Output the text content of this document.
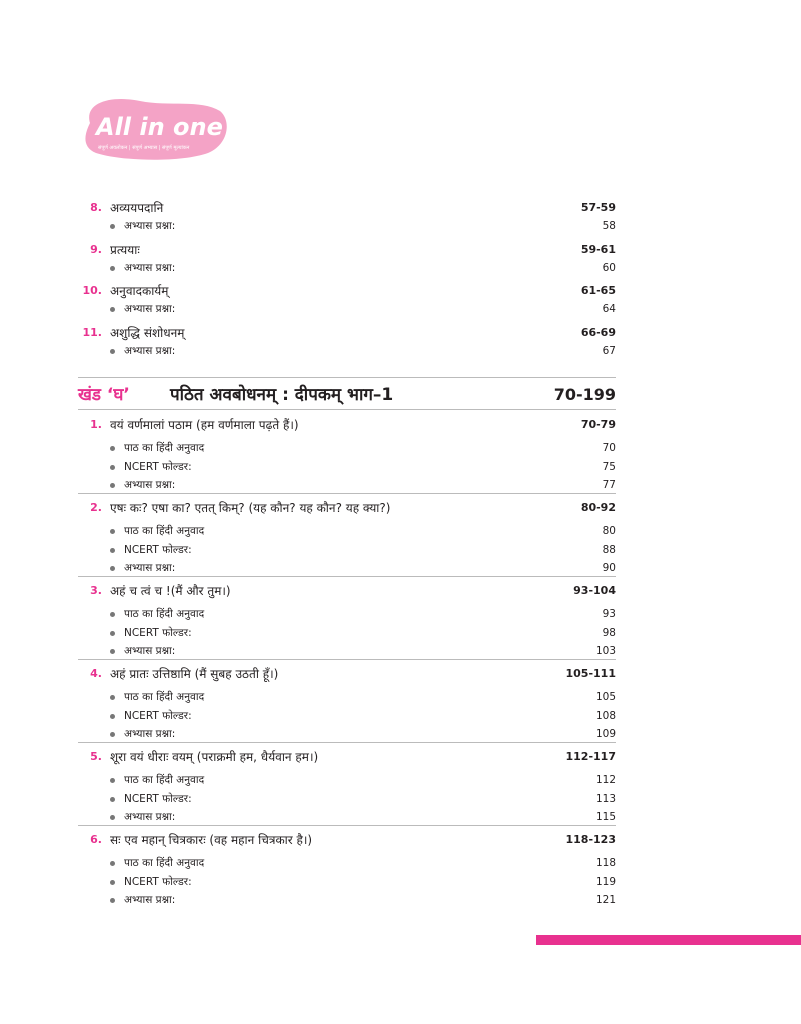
All in one
संपूर्ण अवलोकन | संपूर्ण अभ्यास | संपूर्ण मूल्यांकन
खंड ‘घ’ पठित अवबोधनम् : दीपकम् भाग–1	70-199
8. अव्ययपदानि	57-59
अभ्यास प्रश्ना:	58
9. प्रत्ययाः	59-61
अभ्यास प्रश्ना:	60
10. अनुवादकार्यम्	61-65
अभ्यास प्रश्ना:	64
11. अशुद्धि संशोधनम्	66-69
अभ्यास प्रश्ना:	67
1. वयं वर्णमालां पठाम (हम वर्णमाला पढ़ते हैं।)	70-79
पाठ का हिंदी अनुवाद	70
NCERT फोल्डर:	75
अभ्यास प्रश्ना:	77
2. एषः कः? एषा का? एतत् किम्? (यह कौन? यह कौन? यह क्या?)	80-92
पाठ का हिंदी अनुवाद	80
NCERT फोल्डर:	88
अभ्यास प्रश्ना:	90
3. अहं च त्वं च !(मैं और तुम।)	93-104
पाठ का हिंदी अनुवाद	93
NCERT फोल्डर:	98
अभ्यास प्रश्ना:	103
4. अहं प्रातः उत्तिष्ठामि (मैं सुबह उठती हूँ।)	105-111
पाठ का हिंदी अनुवाद	105
NCERT फोल्डर:	108
अभ्यास प्रश्ना:	109
5. शूरा वयं धीराः वयम् (पराक्रमी हम, धैर्यवान हम।)	112-117
पाठ का हिंदी अनुवाद	112
NCERT फोल्डर:	113
अभ्यास प्रश्ना:	115
6. सः एव महान् चित्रकारः (वह महान चित्रकार है।)	118-123
पाठ का हिंदी अनुवाद	118
NCERT फोल्डर:	119
अभ्यास प्रश्ना:	121
